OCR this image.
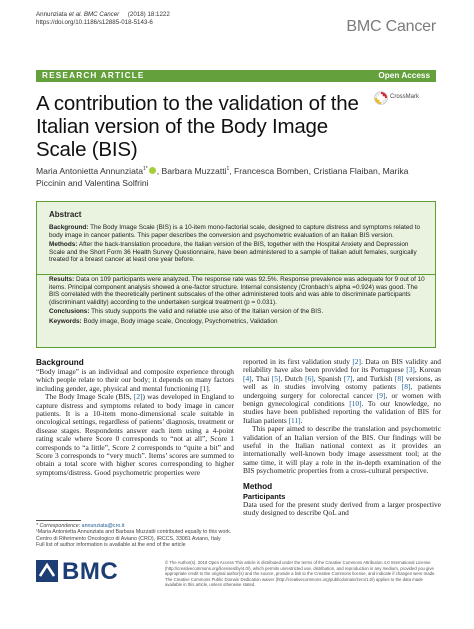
Annunziata et al. BMC Cancer     (2018) 18:1222
https://doi.org/10.1186/s12885-018-5143-6	BMC Cancer
RESEARCH ARTICLE	Open Access
CrossMark
A contribution to the validation of the Italian version of the Body Image Scale (BIS)
Maria Antonietta Annunziata$^{1*}$ , Barbara Muzzatti$^1$, Francesca Bomben, Cristiana Flaiban, Marika Piccinin and Valentina Solfrini
Abstract
Background: The Body Image Scale (BIS) is a 10-item mono-factorial scale, designed to capture distress and symptoms related to body image in cancer patients. This paper describes the conversion and psychometric evaluation of an Italian BIS version.
Methods: After the back-translation procedure, the Italian version of the BIS, together with the Hospital Anxiety and Depression Scale and the Short Form 36 Health Survey Questionnaire, have been administered to a sample of Italian adult females, surgically treated for a breast cancer at least one year before.
Results: Data on 109 participants were analyzed. The response rate was 92.5%. Response prevalence was adequate for 9 out of 10 items. Principal component analysis showed a one-factor structure. Internal consistency (Cronbach’s alpha =0.924) was good. The BIS correlated with the theoretically pertinent subscales of the other administered tools and was able to discriminate participants (discriminant validity) according to the undertaken surgical treatment (p = 0.031).
Conclusions: This study supports the valid and reliable use also of the Italian version of the BIS.
Keywords: Body image, Body image scale, Oncology, Psychometrics, Validation
Background

“Body image” is an individual and composite experience through which people relate to their our body; it depends on many factors including gender, age, physical and mental functioning [1].

The Body Image Scale (BIS, [2]) was developed in England to capture distress and symptoms related to body image in cancer patients. It is a 10-item mono-dimensional scale suitable in oncological settings, regardless of patients’ diagnosis, treatment or disease stages. Respondents answer each item using a 4-point rating scale where Score 0 corresponds to “not at all”, Score 1 corresponds to “a little”, Score 2 corresponds to “quite a bit” and Score 3 corresponds to “very much”. Items’ scores are summed to obtain a total score with higher scores corresponding to higher symptoms/distress. Good psychometric properties were

reported in its first validation study [2]. Data on BIS validity and reliability have also been provided for its Portuguese [3], Korean [4], Thai [5], Dutch [6], Spanish [7], and Turkish [8] versions, as well as in studies involving ostomy patients [8], patients undergoing surgery for colorectal cancer [9], or women with benign gynecological conditions [10]. To our knowledge, no studies have been published reporting the validation of BIS for Italian patients [11].

This paper aimed to describe the translation and psychometric validation of an Italian version of the BIS. Our findings will be useful in the Italian national context as it provides an internationally well-known body image assessment tool; at the same time, it will play a role in the in-depth examination of the BIS psychometric properties from a cross-cultural perspective.

Method
Participants

Data used for the present study derived from a larger prospective study designed to describe QoL and

* Correspondence: annunziata@cro.it
¹Maria Antonietta Annunziata and Barbara Muzzatti contributed equally to this work.
Centro di Riferimento Oncologico di Aviano (CRO), IRCCS, 33081 Aviano, Italy
Full list of author information is available at the end of the article
BMC	© The Author(s). 2018 Open Access This article is distributed under the terms of the Creative Commons Attribution 4.0 International License (http://creativecommons.org/licenses/by/4.0/), which permits unrestricted use, distribution, and reproduction in any medium, provided you give appropriate credit to the original author(s) and the source, provide a link to the Creative Commons license, and indicate if changes were made. The Creative Commons Public Domain Dedication waiver (http://creativecommons.org/publicdomain/zero/1.0/) applies to the data made available in this article, unless otherwise stated.
